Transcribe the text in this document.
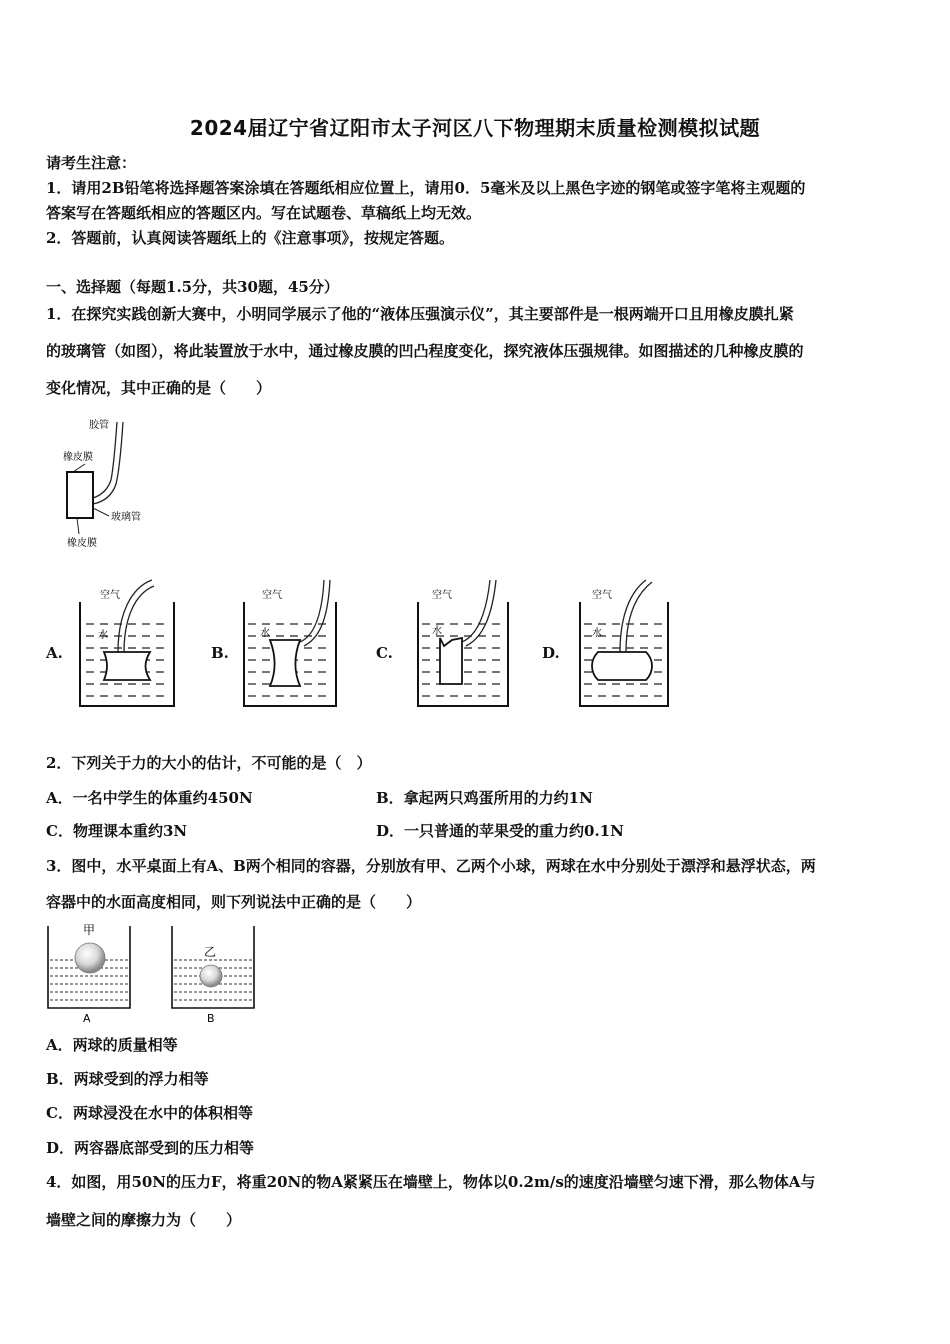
2024届辽宁省辽阳市太子河区八下物理期末质量检测模拟试题
请考生注意：
1．请用2B铅笔将选择题答案涂填在答题纸相应位置上，请用0．5毫米及以上黑色字迹的钢笔或签字笔将主观题的
答案写在答题纸相应的答题区内。写在试题卷、草稿纸上均无效。
2．答题前，认真阅读答题纸上的《注意事项》，按规定答题。
一、选择题（每题1.5分，共30题，45分）
1．在探究实践创新大赛中，小明同学展示了他的“液体压强演示仪”，其主要部件是一根两端开口且用橡皮膜扎紧
的玻璃管（如图），将此装置放于水中，通过橡皮膜的凹凸程度变化，探究液体压强规律。如图描述的几种橡皮膜的
变化情况，其中正确的是（　　）
胶管
橡皮膜
玻璃管
橡皮膜
A.	B.	C.	D.
空气
水
空气
水
空气
水
空气
水
2．下列关于力的大小的估计，不可能的是（　）
A．一名中学生的体重约450N	B．拿起两只鸡蛋所用的力约1N
C．物理课本重约3N	D．一只普通的苹果受的重力约0.1N
3．图中，水平桌面上有A、B两个相同的容器，分别放有甲、乙两个小球，两球在水中分别处于漂浮和悬浮状态，两
容器中的水面高度相同，则下列说法中正确的是（　　）
甲
A
乙
B
A．两球的质量相等
B．两球受到的浮力相等
C．两球浸没在水中的体积相等
D．两容器底部受到的压力相等
4．如图，用50N的压力F，将重20N的物A紧紧压在墙壁上，物体以0.2m/s的速度沿墙壁匀速下滑，那么物体A与
墙壁之间的摩擦力为（　　）
